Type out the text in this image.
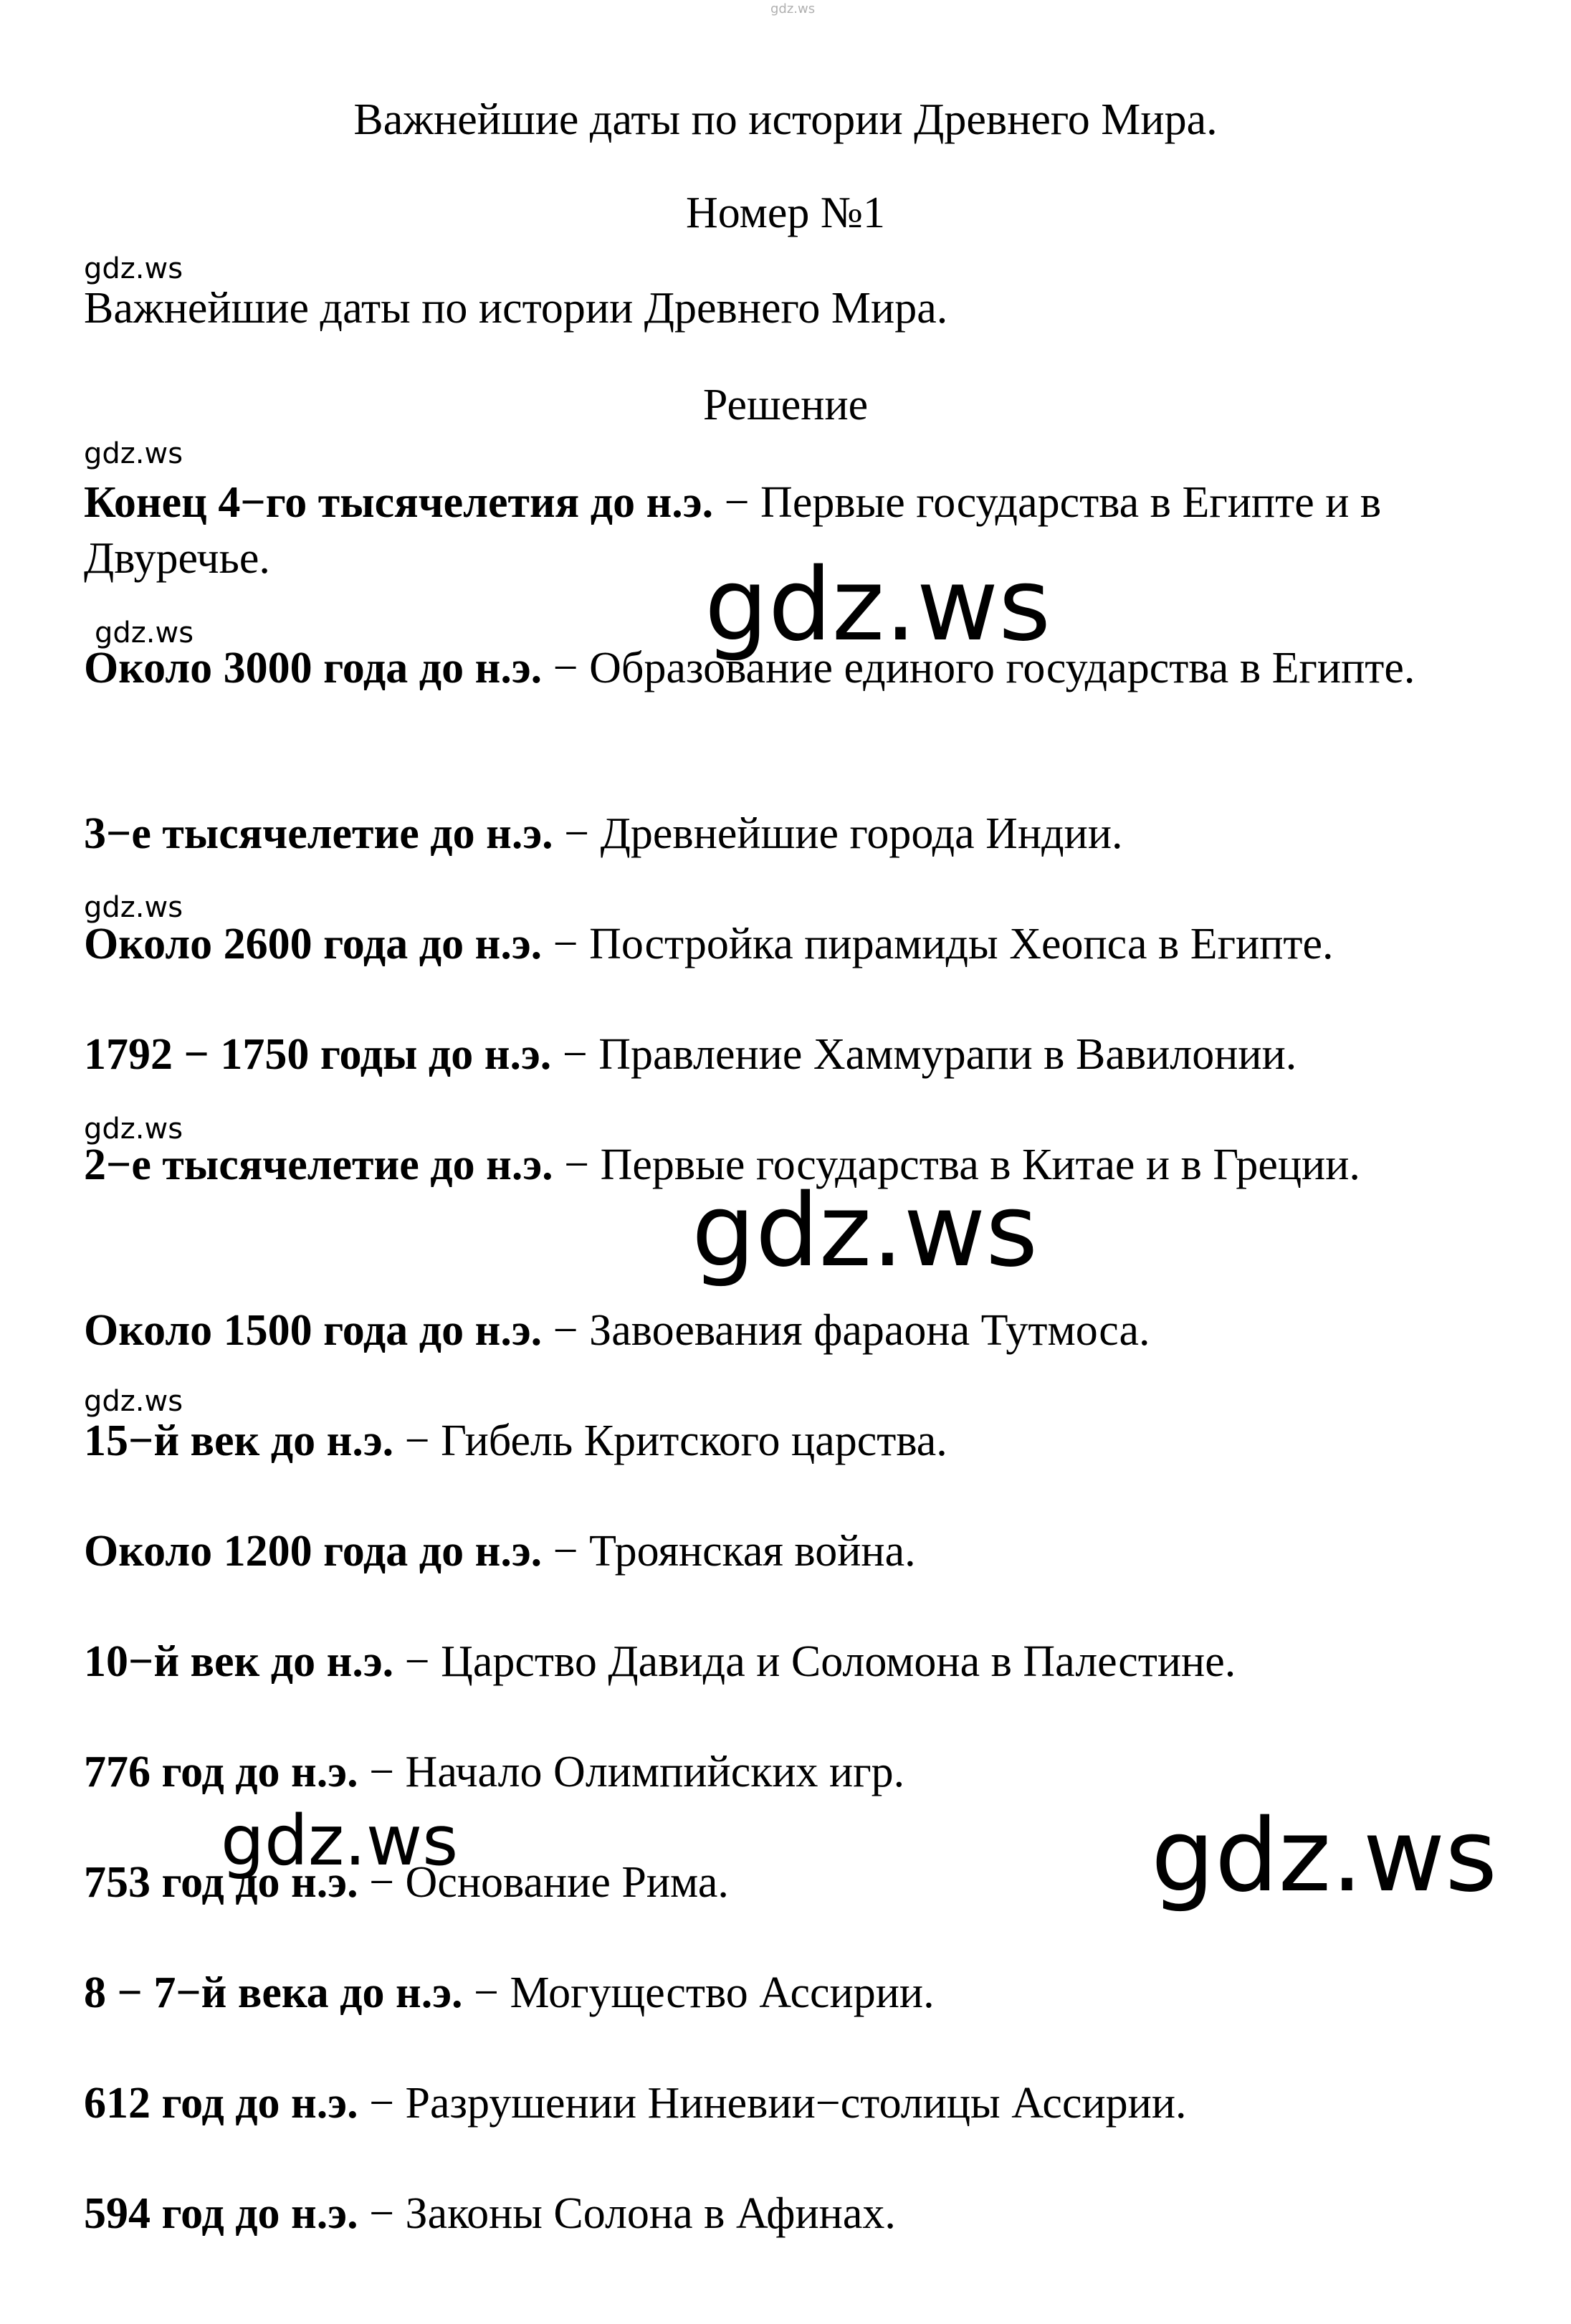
gdz.ws
gdz.ws
gdz.ws
gdz.ws
gdz.ws
gdz.ws
gdz.ws
gdz.ws
gdz.ws
gdz.ws
gdz.ws
Важнейшие даты по истории Древнего Мира.
Номер №1
Важнейшие даты по истории Древнего Мира.
Решение
Конец 4−го тысячелетия до н.э. − Первые государства в Египте и в Двуречье.
Около 3000 года до н.э. − Образование единого государства в Египте.
3−е тысячелетие до н.э. − Древнейшие города Индии.
Около 2600 года до н.э. − Постройка пирамиды Хеопса в Египте.
1792 − 1750 годы до н.э. − Правление Хаммурапи в Вавилонии.
2−е тысячелетие до н.э. − Первые государства в Китае и в Греции.
Около 1500 года до н.э. − Завоевания фараона Тутмоса.
15−й век до н.э. − Гибель Критского царства.
Около 1200 года до н.э. − Троянская война.
10−й век до н.э. − Царство Давида и Соломона в Палестине.
776 год до н.э. − Начало Олимпийских игр.
753 год до н.э. − Основание Рима.
8 − 7−й века до н.э. − Могущество Ассирии.
612 год до н.э. − Разрушении Ниневии−столицы Ассирии.
594 год до н.э. − Законы Солона в Афинах.
